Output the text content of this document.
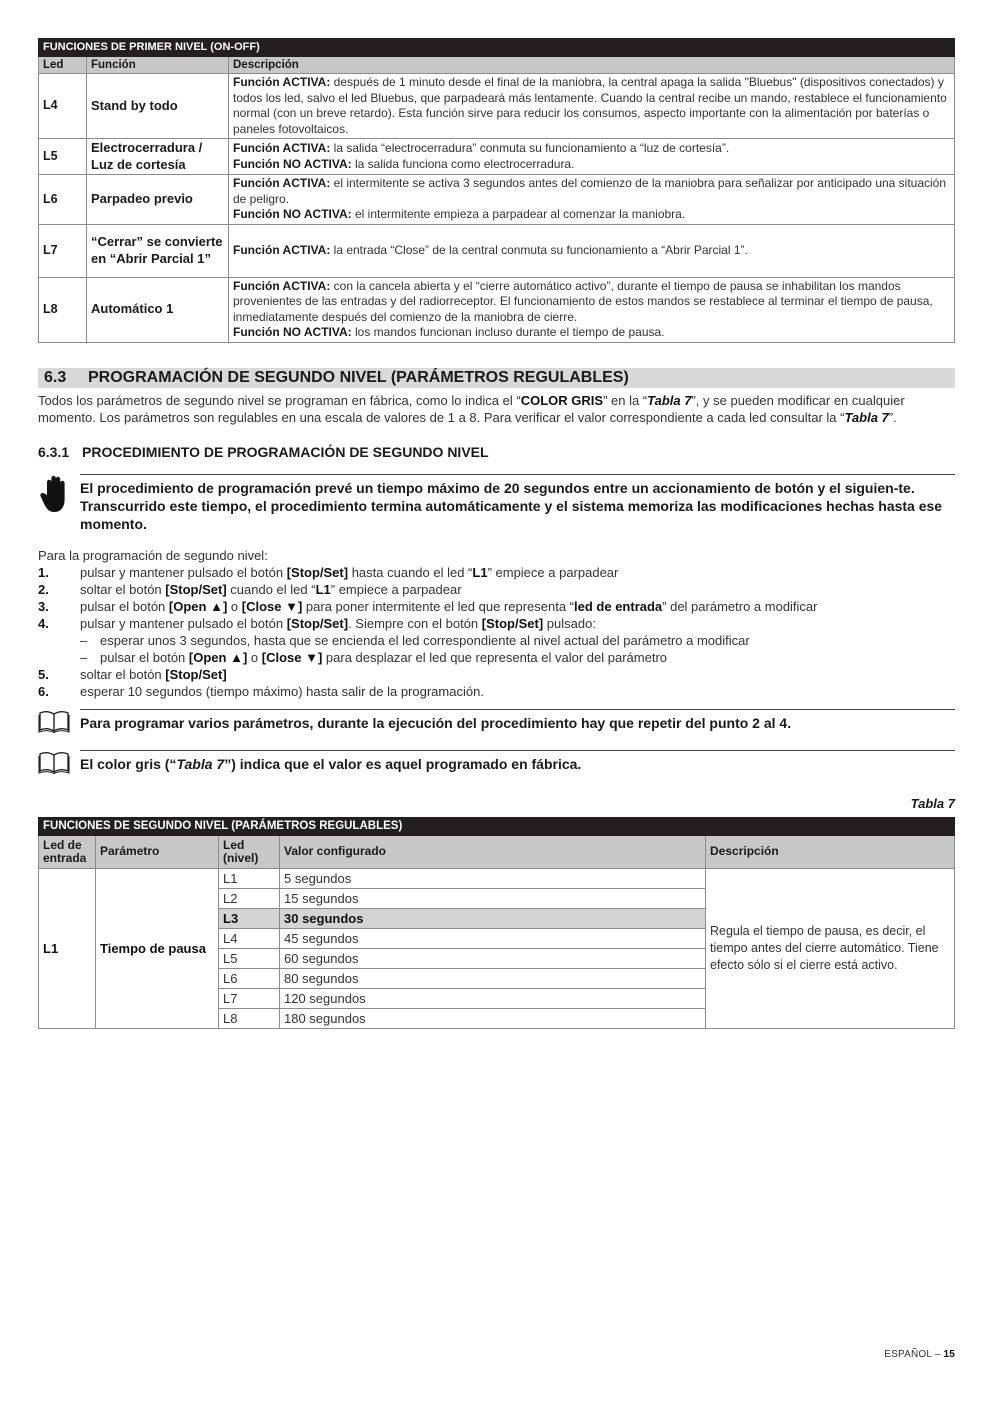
FUNCIONES DE PRIMER NIVEL (ON-OFF)		
Led	Función	Descripción
L4	Stand by todo	Función ACTIVA: después de 1 minuto desde el final de la maniobra, la central apaga la salida "Bluebus" (dispositivos conectados) y todos los led, salvo el led Bluebus, que parpadeará más lentamente. Cuando la central recibe un mando, restablece el funcionamiento normal (con un breve retardo). Esta función sirve para reducir los consumos, aspecto importante con la alimentación por baterías o paneles fotovoltaicos.
L5	Electrocerradura / Luz de cortesía	Función ACTIVA: la salida “electrocerradura” conmuta su funcionamiento a “luz de cortesía”.
Función NO ACTIVA: la salida funciona como electrocerradura.
L6	Parpadeo previo	Función ACTIVA: el intermitente se activa 3 segundos antes del comienzo de la maniobra para señalizar por anticipado una situación de peligro.
Función NO ACTIVA: el intermitente empieza a parpadear al comenzar la maniobra.
L7	“Cerrar” se convierte en “Abrir Parcial 1”	Función ACTIVA: la entrada “Close” de la central conmuta su funcionamiento a “Abrir Parcial 1”.
L8	Automático 1	Función ACTIVA: con la cancela abierta y el “cierre automático activo”, durante el tiempo de pausa se inhabilitan los mandos provenientes de las entradas y del radiorreceptor. El funcionamiento de estos mandos se restablece al terminar el tiempo de pausa, inmediatamente después del comienzo de la maniobra de cierre.
Función NO ACTIVA: los mandos funcionan incluso durante el tiempo de pausa.
6.3 PROGRAMACIÓN DE SEGUNDO NIVEL (PARÁMETROS REGULABLES)

Todos los parámetros de segundo nivel se programan en fábrica, como lo indica el “COLOR GRIS” en la “Tabla 7”, y se pueden modificar en cualquier momento. Los parámetros son regulables en una escala de valores de 1 a 8. Para verificar el valor correspondiente a cada led consultar la “Tabla 7”.

6.3.1 PROCEDIMIENTO DE PROGRAMACIÓN DE SEGUNDO NIVEL
El procedimiento de programación prevé un tiempo máximo de 20 segundos entre un accionamiento de botón y el siguien-te. Transcurrido este tiempo, el procedimiento termina automáticamente y el sistema memoriza las modificaciones hechas hasta ese momento.
Para la programación de segundo nivel:
1.	pulsar y mantener pulsado el botón [Stop/Set] hasta cuando el led “L1” empiece a parpadear
2.	soltar el botón [Stop/Set] cuando el led “L1” empiece a parpadear
3.	pulsar el botón [Open ▲] o [Close ▼] para poner intermitente el led que representa “led de entrada” del parámetro a modificar
4.	pulsar y mantener pulsado el botón [Stop/Set]. Siempre con el botón [Stop/Set] pulsado:
– esperar unos 3 segundos, hasta que se encienda el led correspondiente al nivel actual del parámetro a modificar
– pulsar el botón [Open ▲] o [Close ▼] para desplazar el led que representa el valor del parámetro
5.	soltar el botón [Stop/Set]
6.	esperar 10 segundos (tiempo máximo) hasta salir de la programación.
Para programar varios parámetros, durante la ejecución del procedimiento hay que repetir del punto 2 al 4.
El color gris (“Tabla 7”) indica que el valor es aquel programado en fábrica.
Tabla 7
FUNCIONES DE SEGUNDO NIVEL (PARÁMETROS REGULABLES)				
Led de entrada	Parámetro	Led (nivel)	Valor configurado	Descripción
L1	Tiempo de pausa	L1	5 segundos	Regula el tiempo de pausa, es decir, el tiempo antes del cierre automático. Tiene efecto sólo si el cierre está activo.
		L2	15 segundos	
		L3	30 segundos	
		L4	45 segundos	
		L5	60 segundos	
		L6	80 segundos	
		L7	120 segundos	
		L8	180 segundos	
ESPAÑOL – 15
